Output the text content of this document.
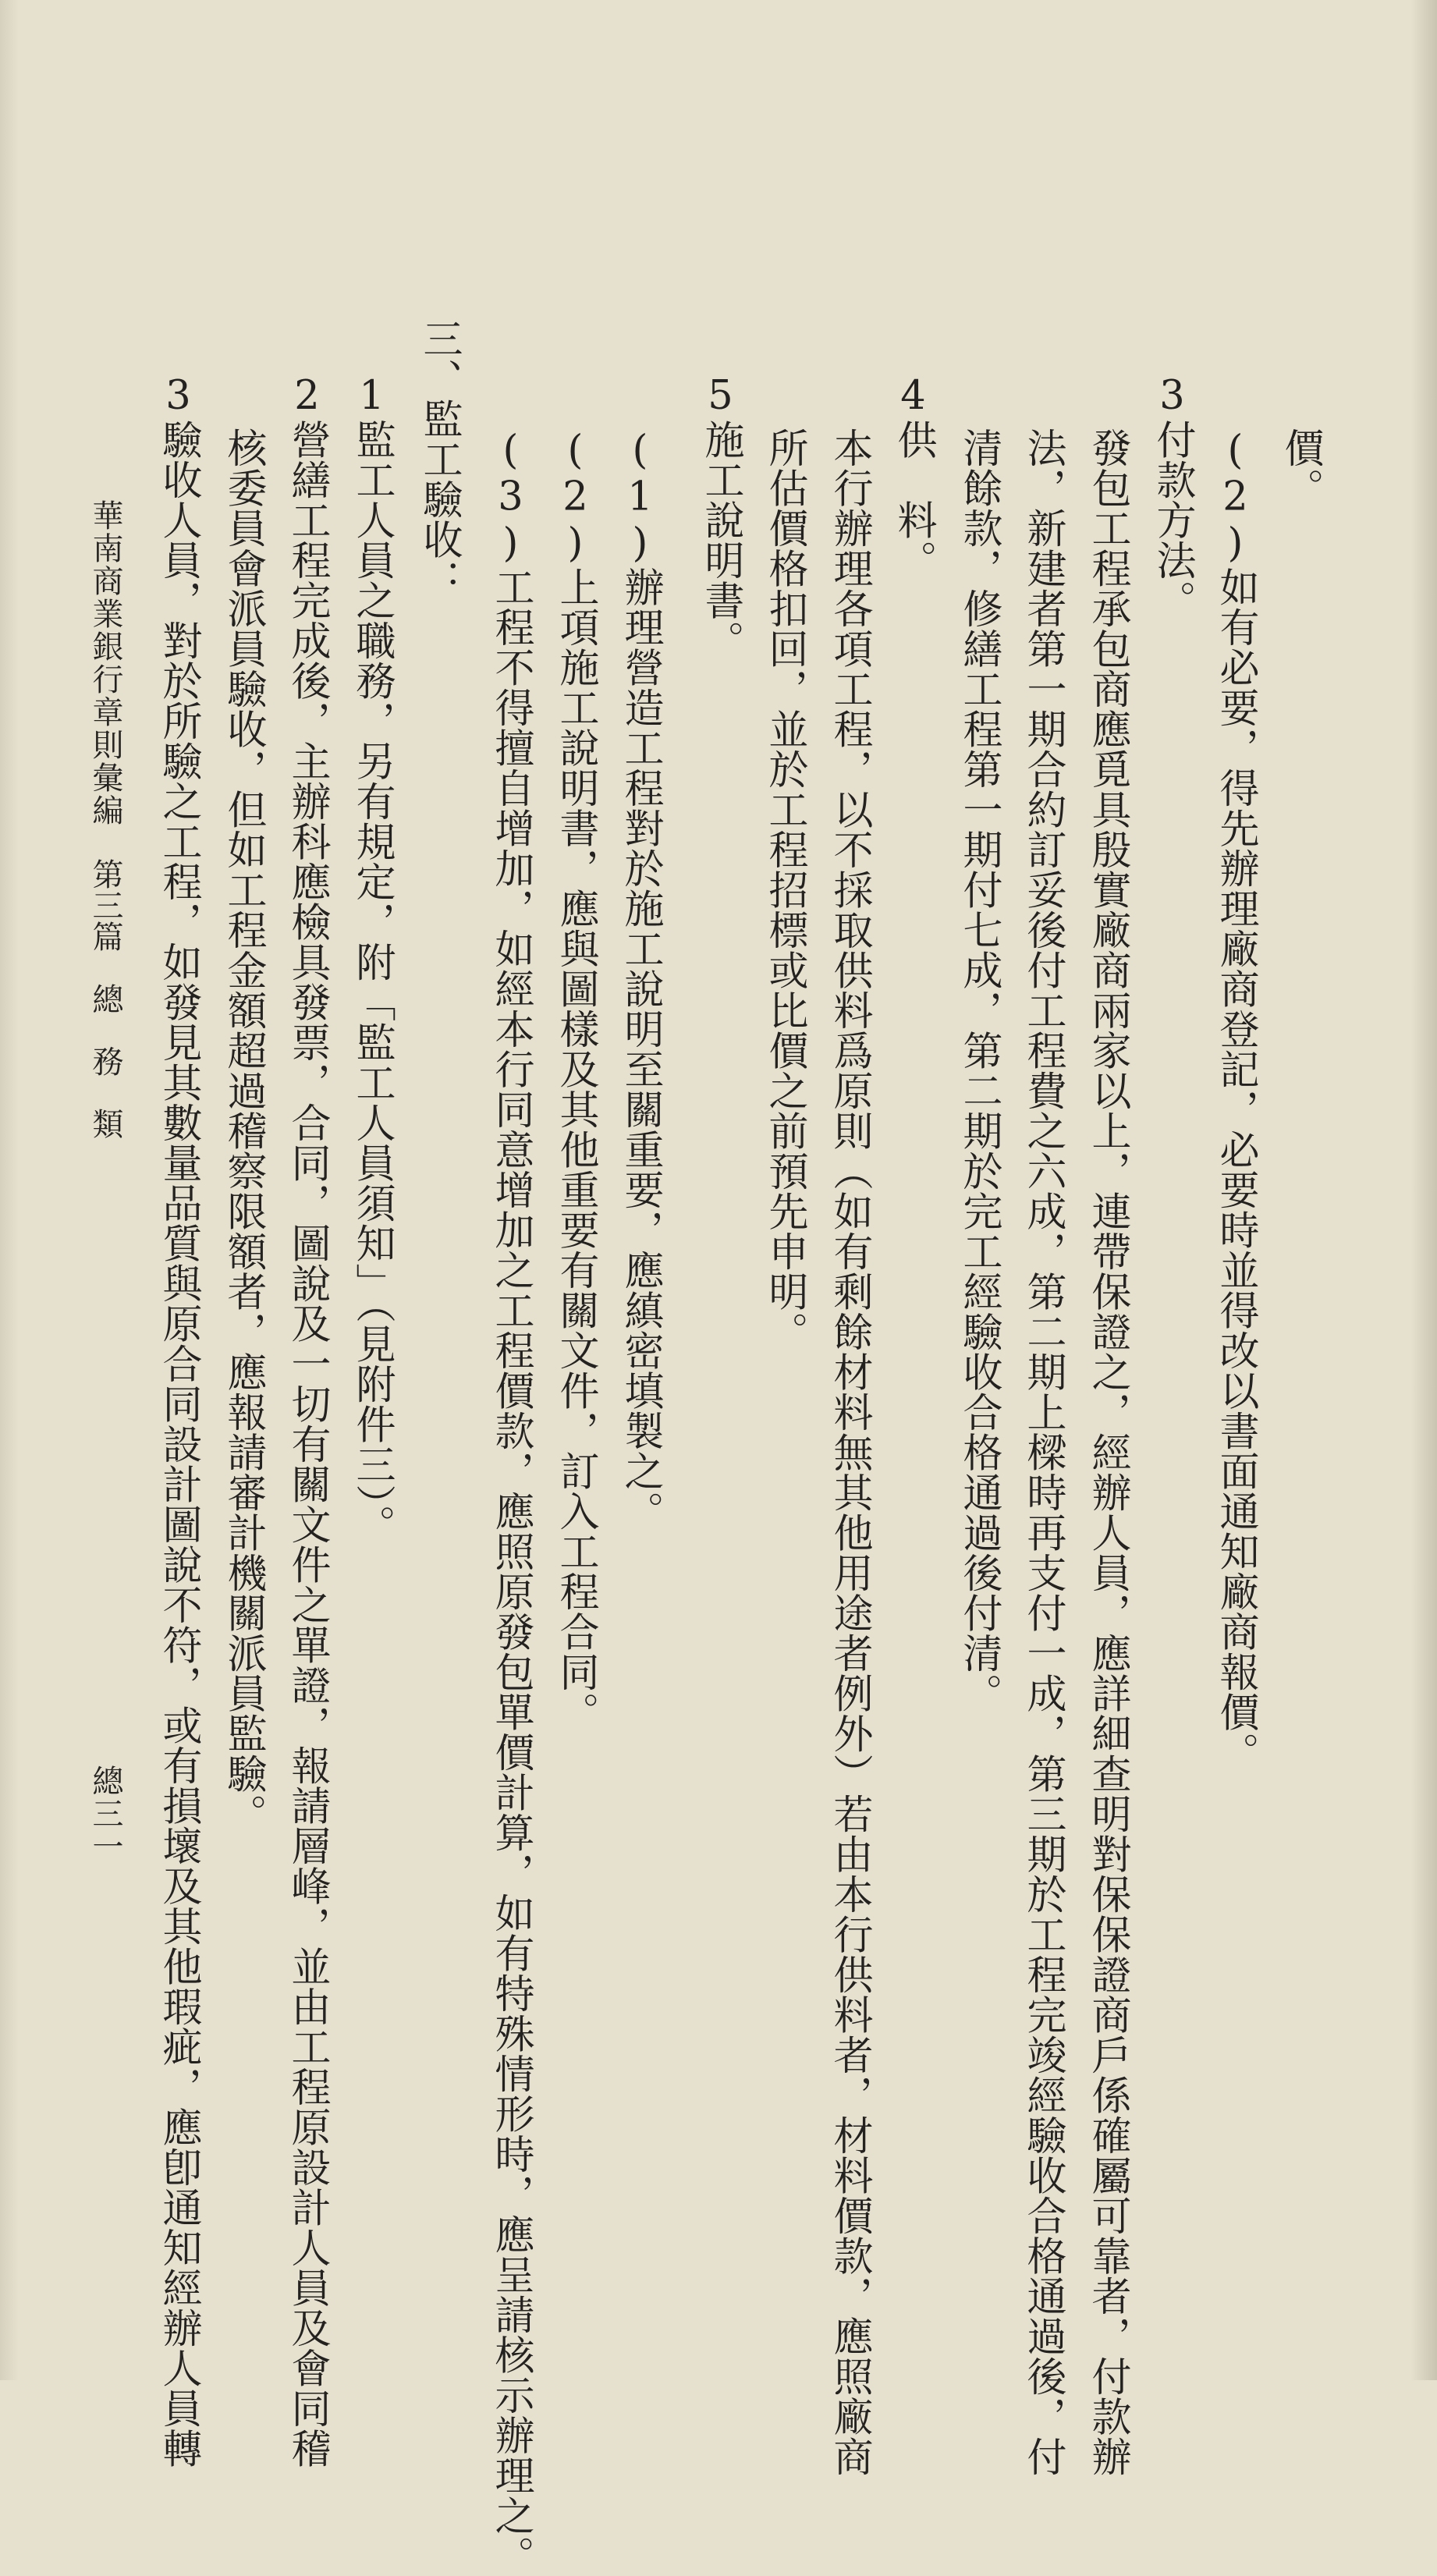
價。
(2)如有必要，得先辦理廠商登記，必要時並得改以書面通知廠商報價。
3付款方法。
發包工程承包商應覓具殷實廠商兩家以上，連帶保證之，經辦人員，應詳細查明對保保證商戶係確屬可靠者，付款辦
法，新建者第一期合約訂妥後付工程費之六成，第二期上樑時再支付一成，第三期於工程完竣經驗收合格通過後，付
清餘款，修繕工程第一期付七成，第二期於完工經驗收合格通過後付清。
4供　料。
本行辦理各項工程，以不採取供料爲原則（如有剩餘材料無其他用途者例外）若由本行供料者，材料價款，應照廠商
所估價格扣回，並於工程招標或比價之前預先申明。
5施工說明書。
(1)辦理營造工程對於施工說明至關重要，應縝密填製之。
(2)上項施工說明書，應與圖樣及其他重要有關文件，訂入工程合同。
(3)工程不得擅自增加，如經本行同意增加之工程價款，應照原發包單價計算，如有特殊情形時，應呈請核示辦理之。
三、監工驗收：
1監工人員之職務，另有規定，附「監工人員須知」（見附件三）。
2營繕工程完成後，主辦科應檢具發票，合同，圖說及一切有關文件之單證，報請層峰，並由工程原設計人員及會同稽
核委員會派員驗收，但如工程金額超過稽察限額者，應報請審計機關派員監驗。
3驗收人員，對於所驗之工程，如發見其數量品質與原合同設計圖說不符，或有損壞及其他瑕疵，應卽通知經辦人員轉
華南商業銀行章則彙編
第三篇　總　務　類
總三一
